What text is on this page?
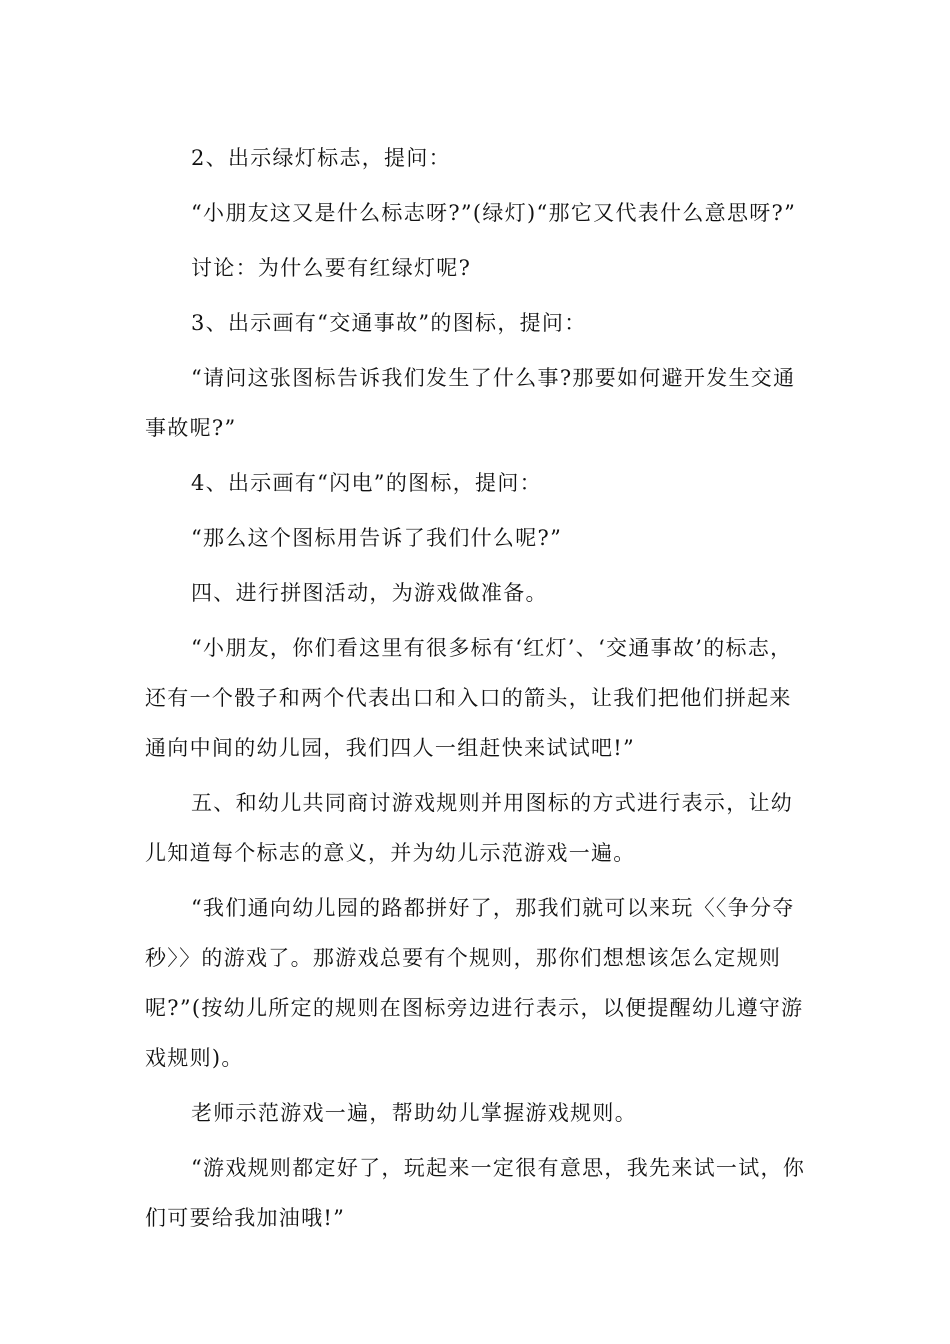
2、出示绿灯标志，提问：

“小朋友这又是什么标志呀?”(绿灯)“那它又代表什么意思呀?”

讨论：为什么要有红绿灯呢?

3、出示画有“交通事故”的图标，提问：

“请问这张图标告诉我们发生了什么事?那要如何避开发生交通事故呢?”

4、出示画有“闪电”的图标，提问：

“那么这个图标用告诉了我们什么呢?”

四、进行拼图活动，为游戏做准备。

“小朋友，你们看这里有很多标有‘红灯’、‘交通事故’的标志，还有一个骰子和两个代表出口和入口的箭头，让我们把他们拼起来通向中间的幼儿园，我们四人一组赶快来试试吧!”

五、和幼儿共同商讨游戏规则并用图标的方式进行表示，让幼儿知道每个标志的意义，并为幼儿示范游戏一遍。

“我们通向幼儿园的路都拼好了，那我们就可以来玩〈〈争分夺秒〉〉的游戏了。那游戏总要有个规则，那你们想想该怎么定规则呢?”(按幼儿所定的规则在图标旁边进行表示，以便提醒幼儿遵守游戏规则)。

老师示范游戏一遍，帮助幼儿掌握游戏规则。

“游戏规则都定好了，玩起来一定很有意思，我先来试一试，你们可要给我加油哦!”
